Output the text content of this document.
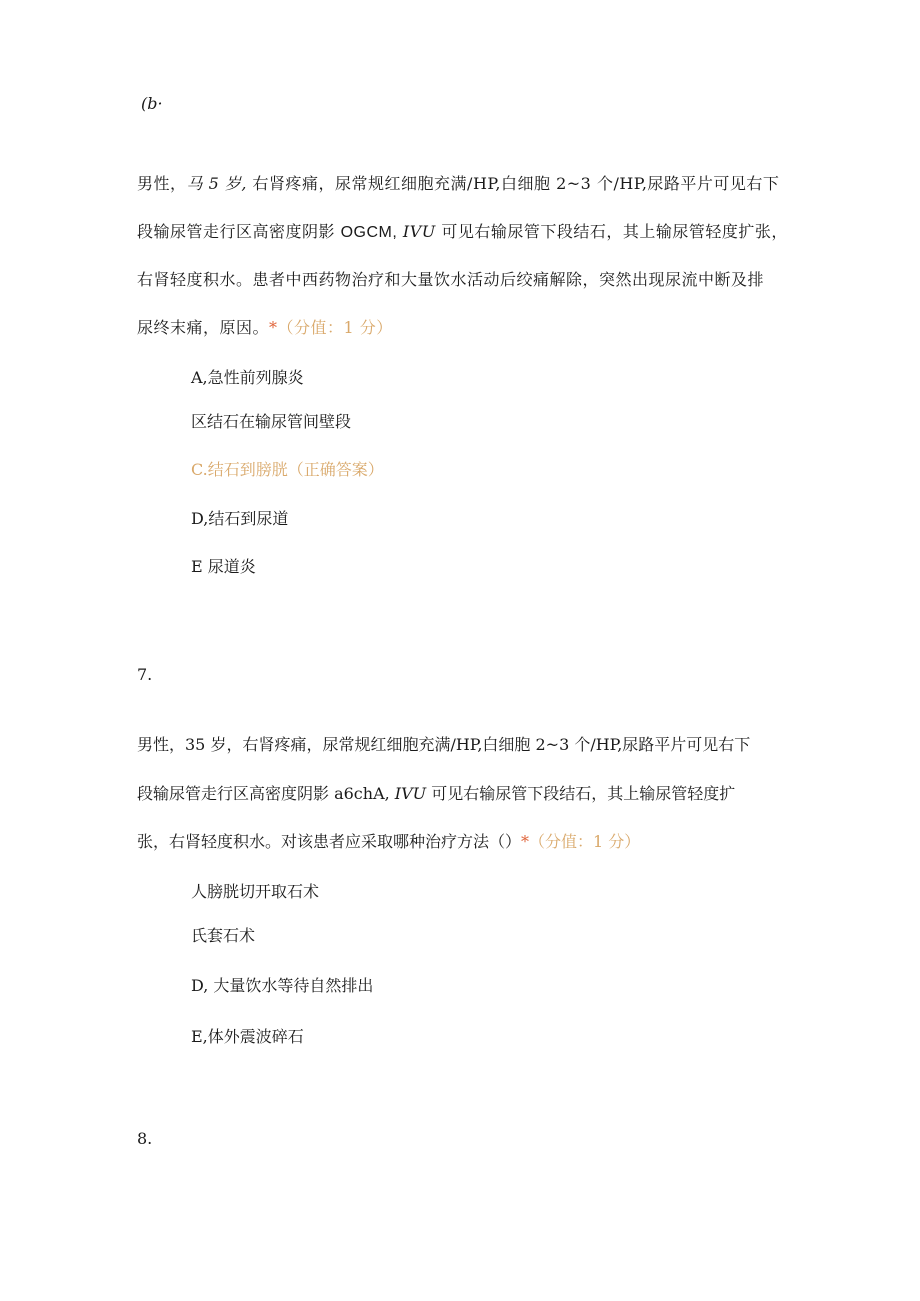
(b·
男性，马 5 岁, 右肾疼痛，尿常规红细胞充满/HP,白细胞 2~3 个/HP,尿路平片可见右下
段输尿管走行区高密度阴影 OGCM, IVU 可见右输尿管下段结石，其上输尿管轻度扩张，
右肾轻度积水。患者中西药物治疗和大量饮水活动后绞痛解除，突然出现尿流中断及排
尿终末痛，原因。*（分值：1 分）
A,急性前列腺炎
区结石在输尿管间壁段
C.结石到膀胱（正确答案）
D,结石到尿道
E 尿道炎
7.
男性，35 岁，右肾疼痛，尿常规红细胞充满/HP,白细胞 2~3 个/HP,尿路平片可见右下
段输尿管走行区高密度阴影 a6chA, IVU 可见右输尿管下段结石，其上输尿管轻度扩
张，右肾轻度积水。对该患者应采取哪种治疗方法（）*（分值：1 分）
人膀胱切开取石术
氏套石术
D, 大量饮水等待自然排出
E,体外震波碎石
8.
